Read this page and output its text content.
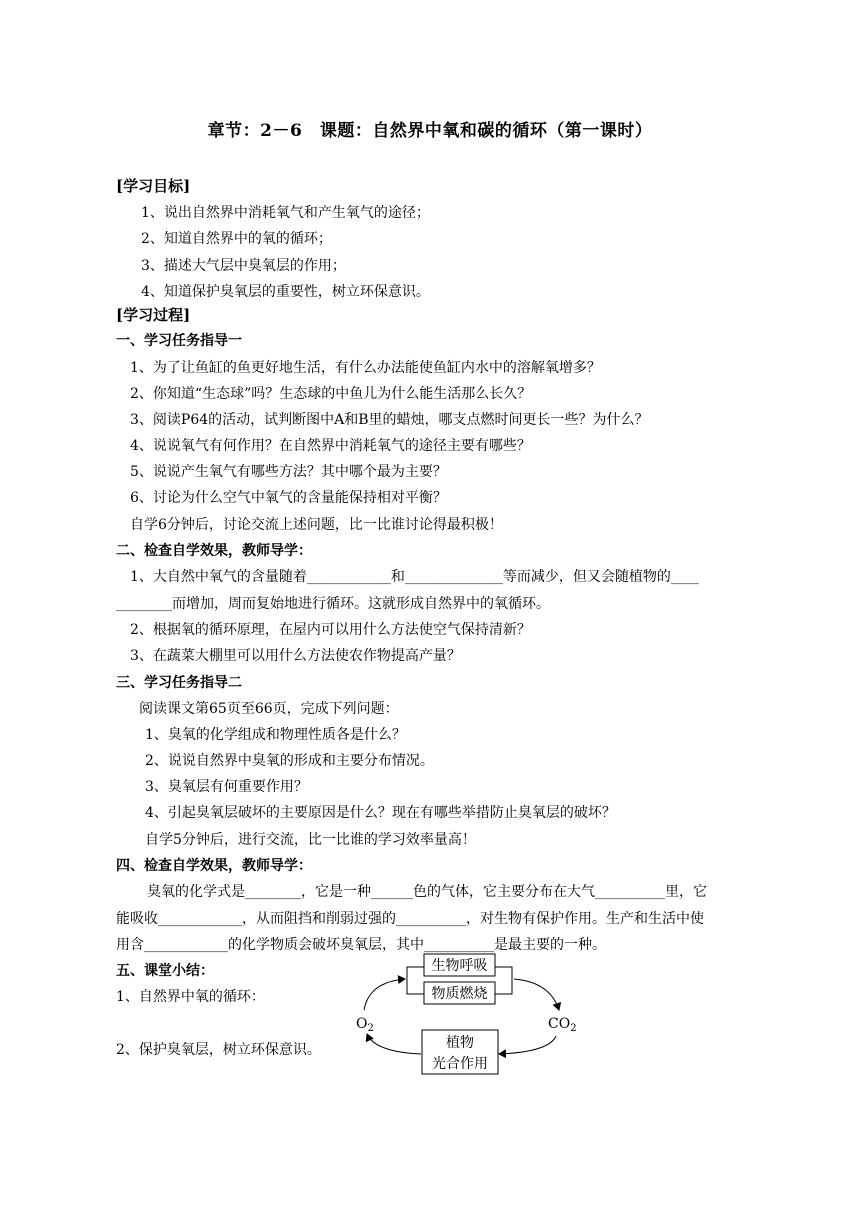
章节：2－6　课题：自然界中氧和碳的循环（第一课时）
[学习目标]
1、说出自然界中消耗氧气和产生氧气的途径；
2、知道自然界中的氧的循环；
3、描述大气层中臭氧层的作用；
4、知道保护臭氧层的重要性，树立环保意识。
[学习过程]
一、学习任务指导一
1、为了让鱼缸的鱼更好地生活，有什么办法能使鱼缸内水中的溶解氧增多？
2、你知道“生态球”吗？生态球的中鱼儿为什么能生活那么长久？
3、阅读P64的活动，试判断图中A和B里的蜡烛，哪支点燃时间更长一些？为什么？
4、说说氧气有何作用？在自然界中消耗氧气的途径主要有哪些？
5、说说产生氧气有哪些方法？其中哪个最为主要？
6、讨论为什么空气中氧气的含量能保持相对平衡？
自学6分钟后，讨论交流上述问题，比一比谁讨论得最积极！
二、检查自学效果，教师导学：
1、大自然中氧气的含量随着____________和______________等而减少，但又会随植物的____
________而增加，周而复始地进行循环。这就形成自然界中的氧循环。
2、根据氧的循环原理，在屋内可以用什么方法使空气保持清新？
3、在蔬菜大棚里可以用什么方法使农作物提高产量？
三、学习任务指导二
阅读课文第65页至66页，完成下列问题：
1、臭氧的化学组成和物理性质各是什么？
2、说说自然界中臭氧的形成和主要分布情况。
3、臭氧层有何重要作用？
4、引起臭氧层破坏的主要原因是什么？现在有哪些举措防止臭氧层的破坏？
自学5分钟后，进行交流，比一比谁的学习效率量高！
四、检查自学效果，教师导学：
臭氧的化学式是________，它是一种______色的气体，它主要分布在大气__________里，它
能吸收____________，从而阻挡和削弱过强的__________，对生物有保护作用。生产和生活中使
用含____________的化学物质会破坏臭氧层，其中__________是最主要的一种。
五、课堂小结：
1、自然界中氧的循环：
2、保护臭氧层，树立环保意识。
生物呼吸
物质燃烧
植物
光合作用
$O_2$	$CO_2$
